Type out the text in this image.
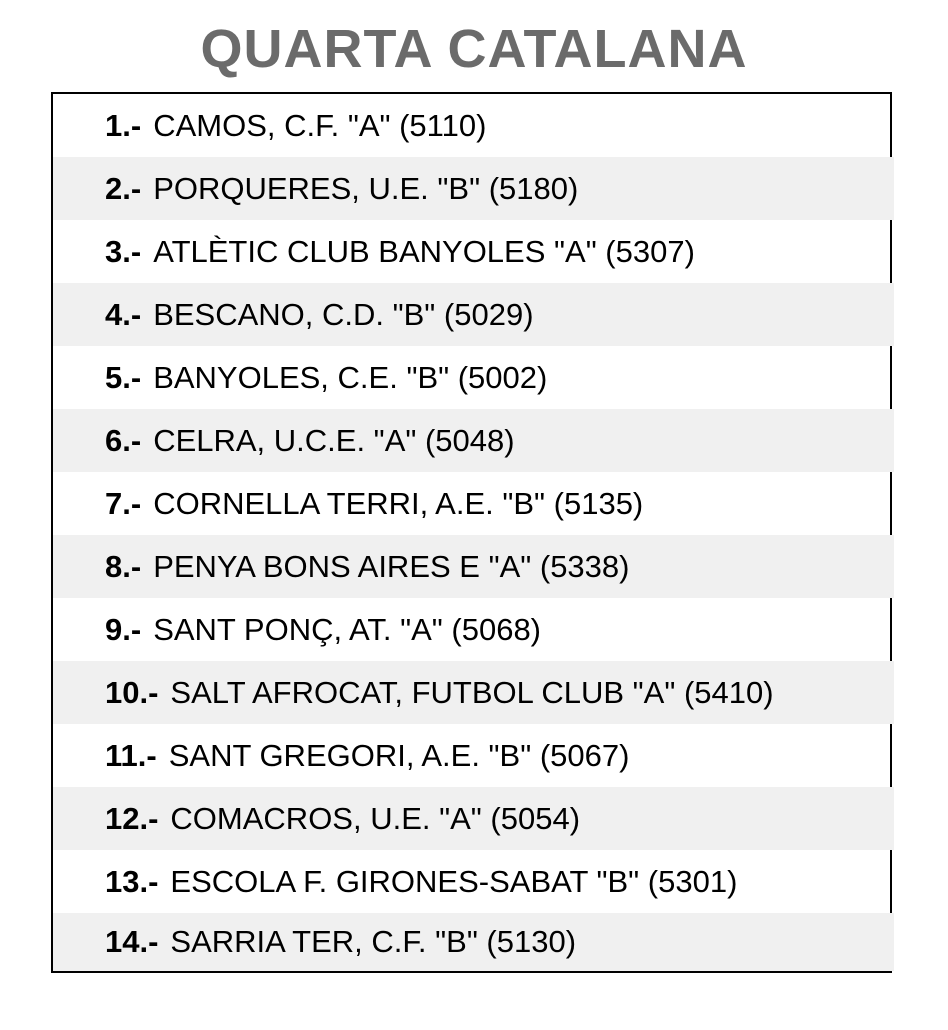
QUARTA CATALANA
1.- CAMOS, C.F. "A" (5110)
2.- PORQUERES, U.E. "B" (5180)
3.- ATLÈTIC CLUB BANYOLES "A" (5307)
4.- BESCANO, C.D. "B" (5029)
5.- BANYOLES, C.E. "B" (5002)
6.- CELRA, U.C.E. "A" (5048)
7.- CORNELLA TERRI, A.E. "B" (5135)
8.- PENYA BONS AIRES E "A" (5338)
9.- SANT PONÇ, AT. "A" (5068)
10.- SALT AFROCAT, FUTBOL CLUB "A" (5410)
11.- SANT GREGORI, A.E. "B" (5067)
12.- COMACROS, U.E. "A" (5054)
13.- ESCOLA F. GIRONES-SABAT "B" (5301)
14.- SARRIA TER, C.F. "B" (5130)
